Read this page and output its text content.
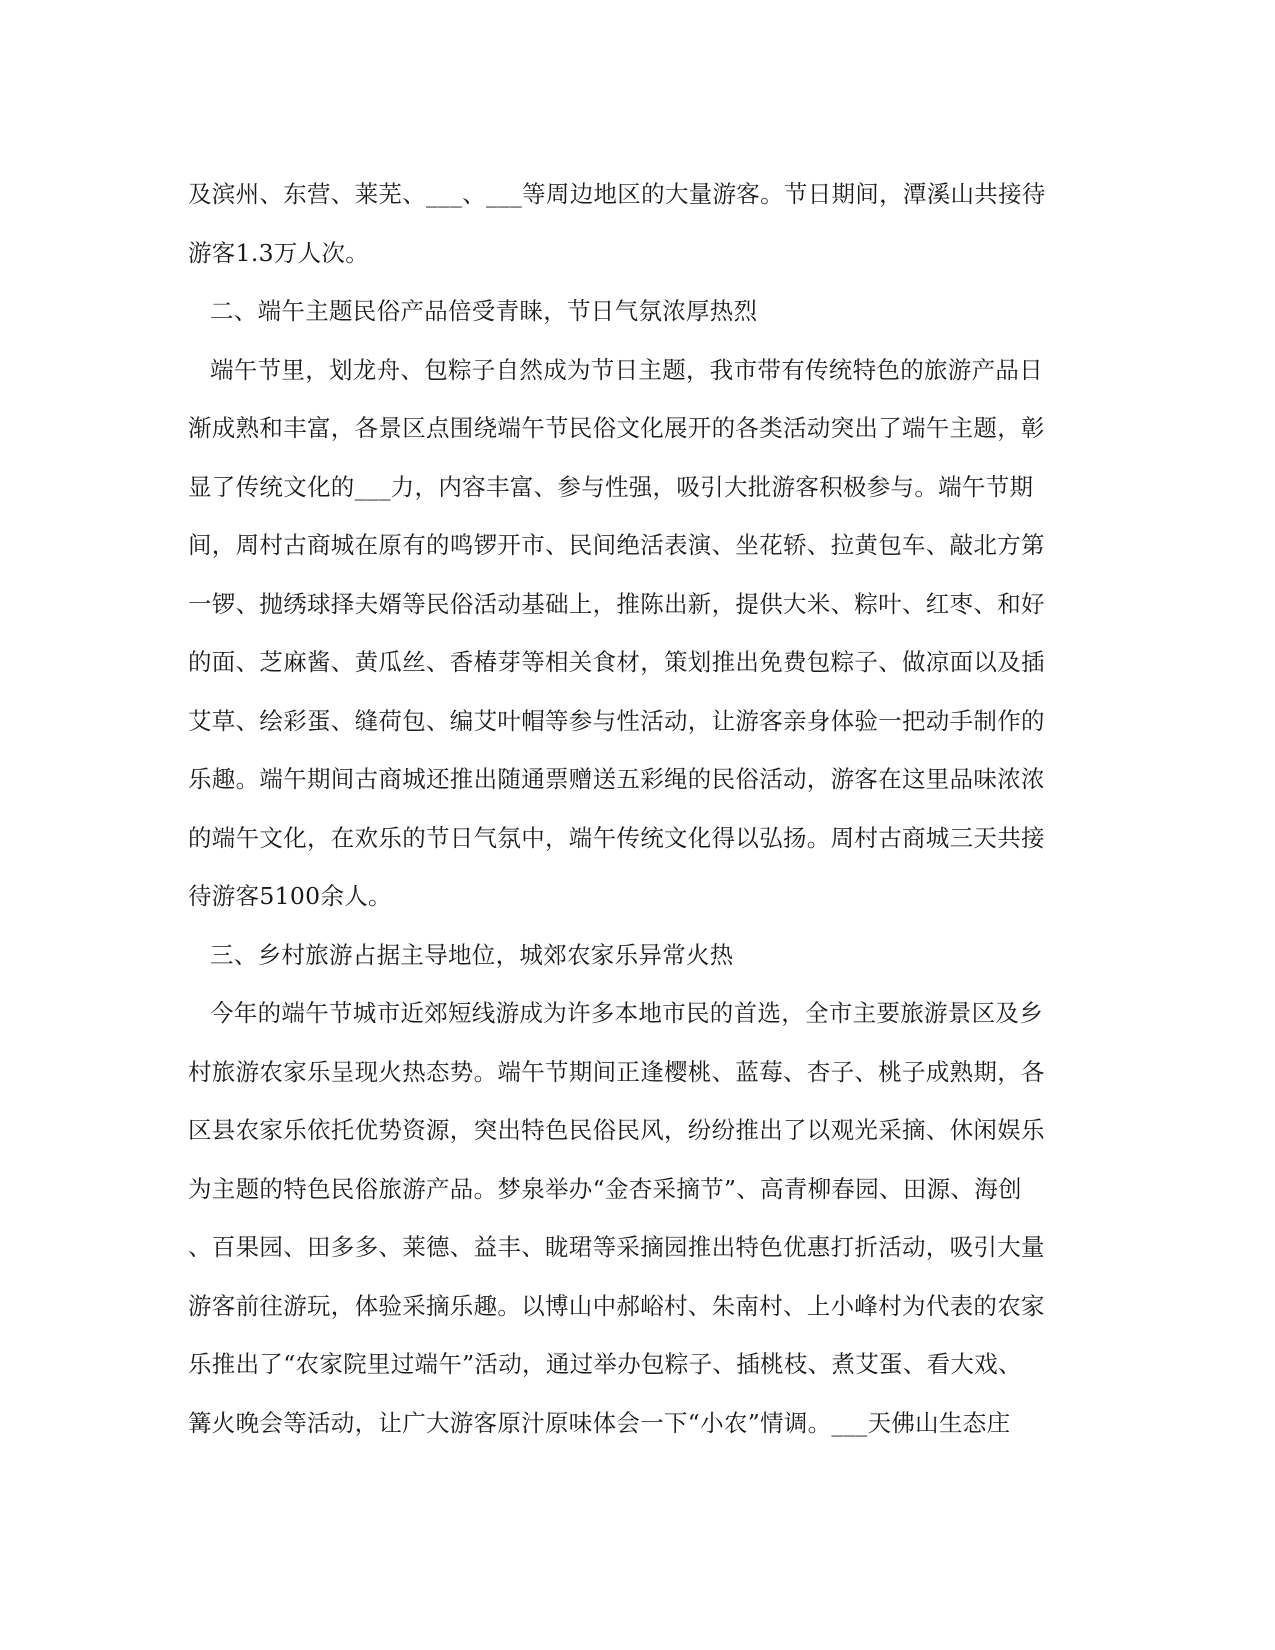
及滨州、东营、莱芜、___、___等周边地区的大量游客。节日期间，潭溪山共接待
游客1.3万人次。
二、端午主题民俗产品倍受青睐，节日气氛浓厚热烈
端午节里，划龙舟、包粽子自然成为节日主题，我市带有传统特色的旅游产品日
渐成熟和丰富，各景区点围绕端午节民俗文化展开的各类活动突出了端午主题，彰
显了传统文化的___力，内容丰富、参与性强，吸引大批游客积极参与。端午节期
间，周村古商城在原有的鸣锣开市、民间绝活表演、坐花轿、拉黄包车、敲北方第
一锣、抛绣球择夫婿等民俗活动基础上，推陈出新，提供大米、粽叶、红枣、和好
的面、芝麻酱、黄瓜丝、香椿芽等相关食材，策划推出免费包粽子、做凉面以及插
艾草、绘彩蛋、缝荷包、编艾叶帽等参与性活动，让游客亲身体验一把动手制作的
乐趣。端午期间古商城还推出随通票赠送五彩绳的民俗活动，游客在这里品味浓浓
的端午文化，在欢乐的节日气氛中，端午传统文化得以弘扬。周村古商城三天共接
待游客5100余人。
三、乡村旅游占据主导地位，城郊农家乐异常火热
今年的端午节城市近郊短线游成为许多本地市民的首选，全市主要旅游景区及乡
村旅游农家乐呈现火热态势。端午节期间正逢樱桃、蓝莓、杏子、桃子成熟期，各
区县农家乐依托优势资源，突出特色民俗民风，纷纷推出了以观光采摘、休闲娱乐
为主题的特色民俗旅游产品。梦泉举办“金杏采摘节”、高青柳春园、田源、海创
、百果园、田多多、莱德、益丰、眬珺等采摘园推出特色优惠打折活动，吸引大量
游客前往游玩，体验采摘乐趣。以博山中郝峪村、朱南村、上小峰村为代表的农家
乐推出了“农家院里过端午”活动，通过举办包粽子、插桃枝、煮艾蛋、看大戏、
篝火晚会等活动，让广大游客原汁原味体会一下“小农”情调。___天佛山生态庄
